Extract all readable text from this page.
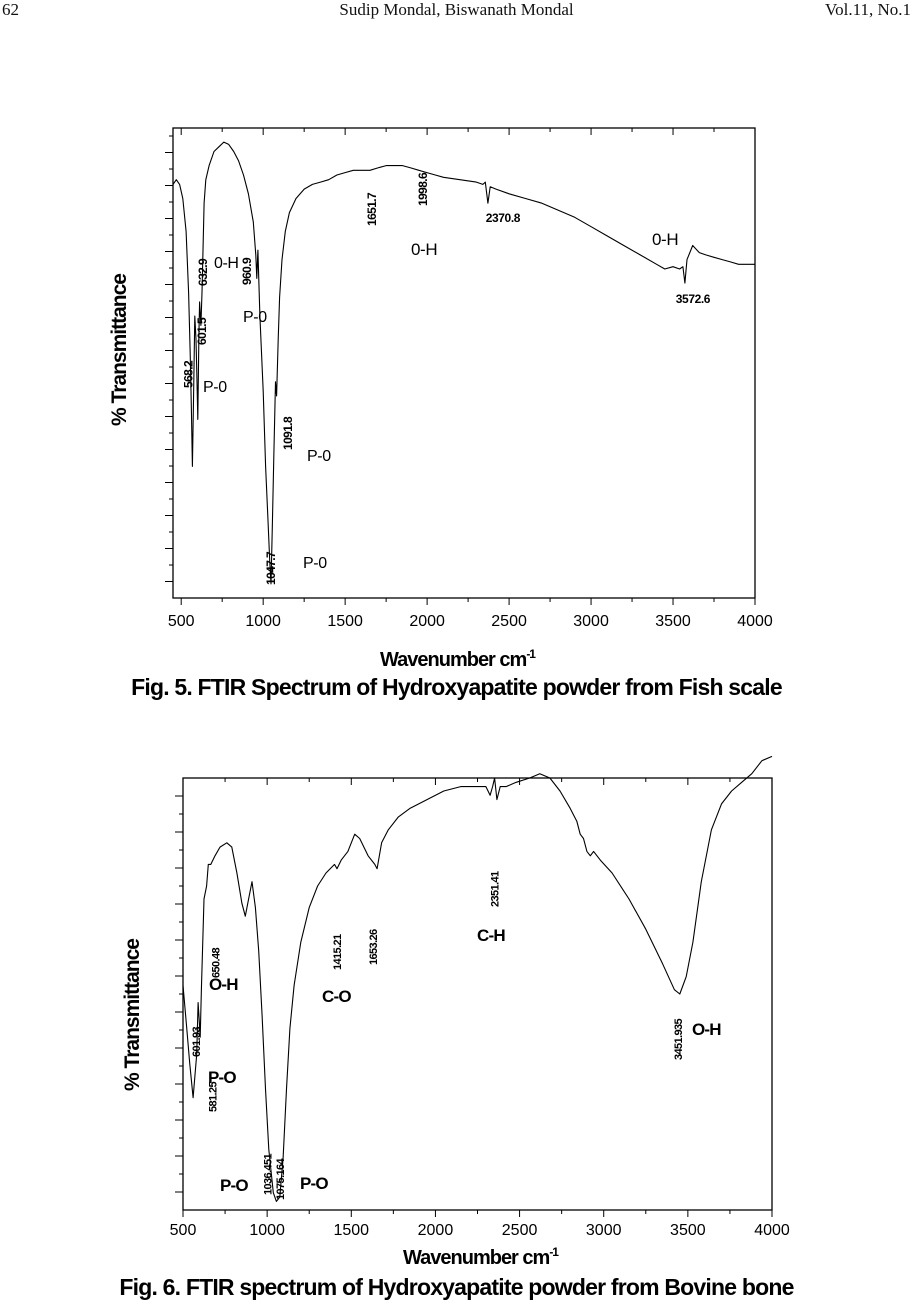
62	Sudip Mondal, Biswanath Mondal	Vol.11, No.1
500	1000	1500	2000	2500	3000	3500	4000
Wavenumber $cm^{-1}$
% Transmittance	568.2
601.5
632.9 960.9
1047.7
1091.8
1651.7
1998.6
2370.8
3572.6
P-0
0-H
P-0
P-0
P-0
0-H
0-H
Fig. 5. FTIR Spectrum of Hydroxyapatite powder from Fish scale
500	1000	1500	2000	2500	3000	3500	4000
Wavenumber $cm^{-1}$
% Transmittance
581.25
601.93
650.48
1036.451 1075.164
1415.21 1653.26
2351.41
3451.935
P-O
O-H
P-O	P-O
C-O
C-H
O-H
Fig. 6. FTIR spectrum of Hydroxyapatite powder from Bovine bone
